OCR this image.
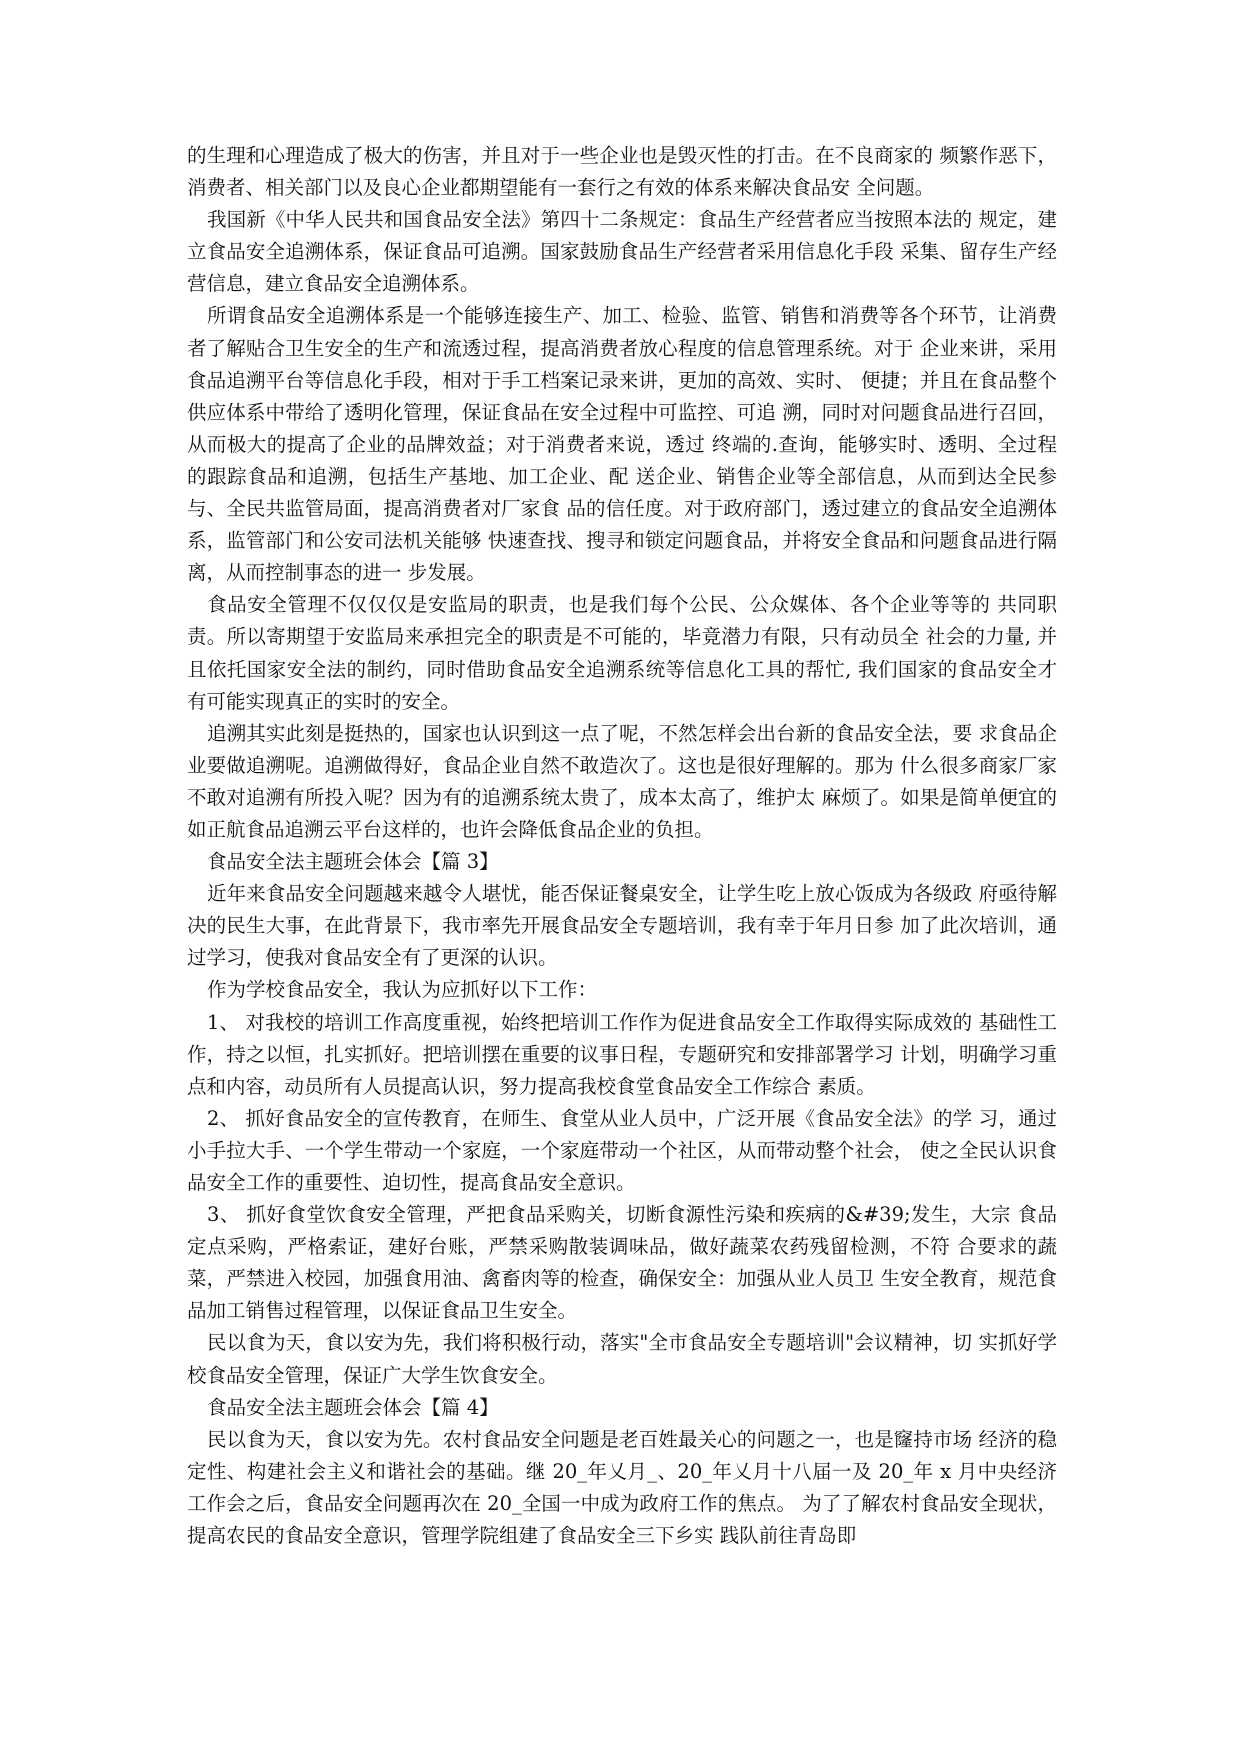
的生理和心理造成了极大的伤害，并且对于一些企业也是毁灭性的打击。在不良商家的 频繁作恶下，消费者、相关部门以及良心企业都期望能有一套行之有效的体系来解决食品安 全问题。

我国新《中华人民共和国食品安全法》第四十二条规定：食品生产经营者应当按照本法的 规定，建立食品安全追溯体系，保证食品可追溯。国家鼓励食品生产经营者采用信息化手段 采集、留存生产经营信息，建立食品安全追溯体系。

所谓食品安全追溯体系是一个能够连接生产、加工、检验、监管、销售和消费等各个环节，让消费者了解贴合卫生安全的生产和流透过程，提高消费者放心程度的信息管理系统。对于 企业来讲，采用食品追溯平台等信息化手段，相对于手工档案记录来讲，更加的高效、实时、 便捷；并且在食品整个供应体系中带给了透明化管理，保证食品在安全过程中可监控、可追 溯，同时对问题食品进行召回，从而极大的提高了企业的品牌效益；对于消费者来说，透过 终端的.查询，能够实时、透明、全过程的跟踪食品和追溯，包括生产基地、加工企业、配 送企业、销售企业等全部信息，从而到达全民参与、全民共监管局面，提高消费者对厂家食 品的信任度。对于政府部门，透过建立的食品安全追溯体系，监管部门和公安司法机关能够 快速查找、搜寻和锁定问题食品，并将安全食品和问题食品进行隔离，从而控制事态的进一 步发展。

食品安全管理不仅仅仅是安监局的职责，也是我们每个公民、公众媒体、各个企业等等的 共同职责。所以寄期望于安监局来承担完全的职责是不可能的，毕竟潜力有限，只有动员全 社会的力量, 并且依托国家安全法的制约，同时借助食品安全追溯系统等信息化工具的帮忙, 我们国家的食品安全才有可能实现真正的实时的安全。

追溯其实此刻是挺热的，国家也认识到这一点了呢，不然怎样会出台新的食品安全法，要 求食品企业要做追溯呢。追溯做得好，食品企业自然不敢造次了。这也是很好理解的。那为 什么很多商家厂家不敢对追溯有所投入呢？因为有的追溯系统太贵了，成本太高了，维护太 麻烦了。如果是简单便宜的如正航食品追溯云平台这样的，也许会降低食品企业的负担。

食品安全法主题班会体会【篇 3】

近年来食品安全问题越来越令人堪忧，能否保证餐桌安全，让学生吃上放心饭成为各级政 府亟待解决的民生大事，在此背景下，我市率先开展食品安全专题培训，我有幸于年月日参 加了此次培训，通过学习，使我对食品安全有了更深的认识。

作为学校食品安全，我认为应抓好以下工作：

1、 对我校的培训工作高度重视，始终把培训工作作为促进食品安全工作取得实际成效的 基础性工作，持之以恒，扎实抓好。把培训摆在重要的议事日程，专题研究和安排部署学习 计划，明确学习重点和内容，动员所有人员提高认识，努力提高我校食堂食品安全工作综合 素质。

2、 抓好食品安全的宣传教育，在师生、食堂从业人员中，广泛开展《食品安全法》的学 习，通过小手拉大手、一个学生带动一个家庭，一个家庭带动一个社区，从而带动整个社会， 使之全民认识食品安全工作的重要性、迫切性，提高食品安全意识。

3、 抓好食堂饮食安全管理，严把食品采购关，切断食源性污染和疾病的&#39;发生，大宗 食品定点采购，严格索证，建好台账，严禁采购散装调味品，做好蔬菜农药残留检测，不符 合要求的蔬菜，严禁进入校园，加强食用油、禽畜肉等的检查，确保安全：加强从业人员卫 生安全教育，规范食品加工销售过程管理，以保证食品卫生安全。

民以食为天，食以安为先，我们将积极行动，落实"全市食品安全专题培训"会议精神，切 实抓好学校食品安全管理，保证广大学生饮食安全。

食品安全法主题班会体会【篇 4】

民以食为天，食以安为先。农村食品安全问题是老百姓最关心的问题之一，也是窿持市场 经济的稳定性、构建社会主义和谐社会的基础。继 20_年乂月_、20_年乂月十八届一及 20_年 x 月中央经济工作会之后，食品安全问题再次在 20_全国一中成为政府工作的焦点。 为了了解农村食品安全现状，提高农民的食品安全意识，管理学院组建了食品安全三下乡实 践队前往青岛即
